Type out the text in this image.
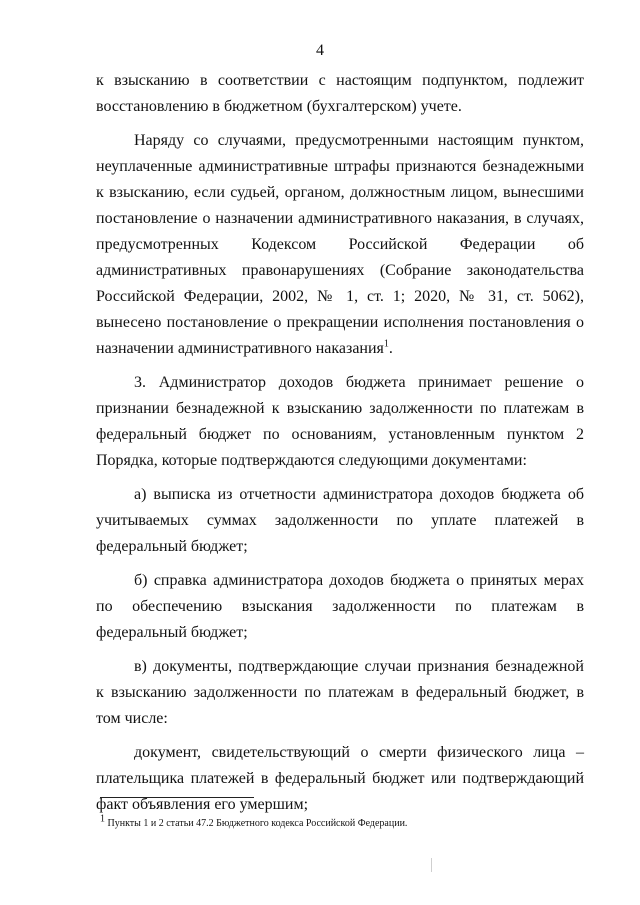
4

к взысканию в соответствии с настоящим подпунктом, подлежит восстановлению в бюджетном (бухгалтерском) учете.

Наряду со случаями, предусмотренными настоящим пунктом, неуплаченные административные штрафы признаются безнадежными к взысканию, если судьей, органом, должностным лицом, вынесшими постановление о назначении административного наказания, в случаях, предусмотренных Кодексом Российской Федерации об административных правонарушениях (Собрание законодательства Российской Федерации, 2002, № 1, ст. 1; 2020, № 31, ст. 5062), вынесено постановление о прекращении исполнения постановления о назначении административного наказания$^1$.

3. Администратор доходов бюджета принимает решение о признании безнадежной к взысканию задолженности по платежам в федеральный бюджет по основаниям, установленным пунктом 2 Порядка, которые подтверждаются следующими документами:

а) выписка из отчетности администратора доходов бюджета об учитываемых суммах задолженности по уплате платежей в федеральный бюджет;

б) справка администратора доходов бюджета о принятых мерах по обеспечению взыскания задолженности по платежам в федеральный бюджет;

в) документы, подтверждающие случаи признания безнадежной к взысканию задолженности по платежам в федеральный бюджет, в том числе:

документ, свидетельствующий о смерти физического лица – плательщика платежей в федеральный бюджет или подтверждающий факт объявления его умершим;

$^1$ Пункты 1 и 2 статьи 47.2 Бюджетного кодекса Российской Федерации.
